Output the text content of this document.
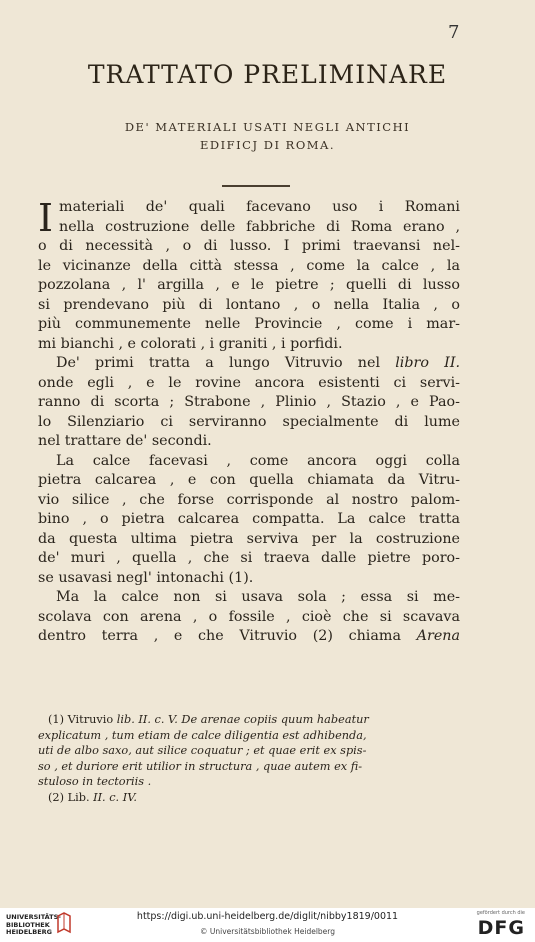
7
TRATTATO PRELIMINARE
DE' MATERIALI USATI NEGLI ANTICHI
EDIFICJ DI ROMA.
I materiali de' quali facevano uso i Romani
nella costruzione delle fabbriche di Roma erano ,
o di necessità , o di lusso. I primi traevansi nel-
le vicinanze della città stessa , come la calce , la
pozzolana , l' argilla , e le pietre ; quelli di lusso
si prendevano più di lontano , o nella Italia , o
più communemente nelle Provincie , come i mar-
mi bianchi , e colorati , i graniti , i porfidi.
De' primi tratta a lungo Vitruvio nel libro II.
onde egli , e le rovine ancora esistenti ci servi-
ranno di scorta ; Strabone , Plinio , Stazio , e Pao-
lo Silenziario ci serviranno specialmente di lume
nel trattare de' secondi.
La calce facevasi , come ancora oggi colla
pietra calcarea , e con quella chiamata da Vitru-
vio silice , che forse corrisponde al nostro palom-
bino , o pietra calcarea compatta. La calce tratta
da questa ultima pietra serviva per la costruzione
de' muri , quella , che si traeva dalle pietre poro-
se usavasi negl' intonachi (1).
Ma la calce non si usava sola ; essa si me-
scolava con arena , o fossile , cioè che si scavava
dentro terra , e che Vitruvio (2) chiama Arena
(1) Vitruvio lib. II. c. V. De arenae copiis quum habeatur
explicatum , tum etiam de calce diligentia est adhibenda,
uti de albo saxo, aut silice coquatur ; et quae erit ex spis-
so , et duriore erit utilior in structura , quae autem ex fi-
stuloso in tectoriis .
(2) Lib. II. c. IV.
UNIVERSITÄTS-
BIBLIOTHEK
HEIDELBERG
https://digi.ub.uni-heidelberg.de/diglit/nibby1819/0011
© Universitätsbibliothek Heidelberg
gefördert durch die
DFG
